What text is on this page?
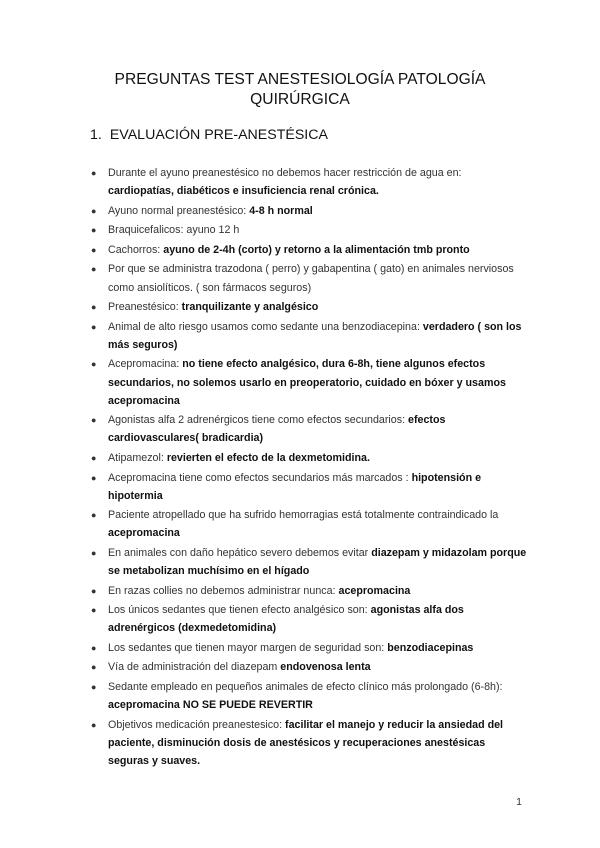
PREGUNTAS TEST ANESTESIOLOGÍA PATOLOGÍA
QUIRÚRGICA
1. EVALUACIÓN PRE-ANESTÉSICA
● Durante el ayuno preanestésico no debemos hacer restricción de agua en: cardiopatías, diabéticos e insuficiencia renal crónica.
● Ayuno normal preanestésico: 4-8 h normal
● Braquicefalicos: ayuno 12 h
● Cachorros: ayuno de 2-4h (corto) y retorno a la alimentación tmb pronto
● Por que se administra trazodona ( perro) y gabapentina ( gato) en animales nerviosos como ansiolíticos. ( son fármacos seguros)
● Preanestésico: tranquilizante y analgésico
● Animal de alto riesgo usamos como sedante una benzodiacepina: verdadero ( son los más seguros)
● Acepromacina: no tiene efecto analgésico, dura 6-8h, tiene algunos efectos secundarios, no solemos usarlo en preoperatorio, cuidado en bóxer y usamos acepromacina
● Agonistas alfa 2 adrenérgicos tiene como efectos secundarios: efectos cardiovasculares( bradicardia)
● Atipamezol: revierten el efecto de la dexmetomidina.
● Acepromacina tiene como efectos secundarios más marcados : hipotensión e hipotermia
● Paciente atropellado que ha sufrido hemorragias está totalmente contraindicado la acepromacina
● En animales con daño hepático severo debemos evitar diazepam y midazolam porque se metabolizan muchísimo en el hígado
● En razas collies no debemos administrar nunca: acepromacina
● Los únicos sedantes que tienen efecto analgésico son: agonistas alfa dos adrenérgicos (dexmedetomidina)
● Los sedantes que tienen mayor margen de seguridad son: benzodiacepinas
● Vía de administración del diazepam endovenosa lenta
● Sedante empleado en pequeños animales de efecto clínico más prolongado (6-8h): acepromacina NO SE PUEDE REVERTIR
● Objetivos medicación preanestesico: facilitar el manejo y reducir la ansiedad del paciente, disminución dosis de anestésicos y recuperaciones anestésicas seguras y suaves.
1
